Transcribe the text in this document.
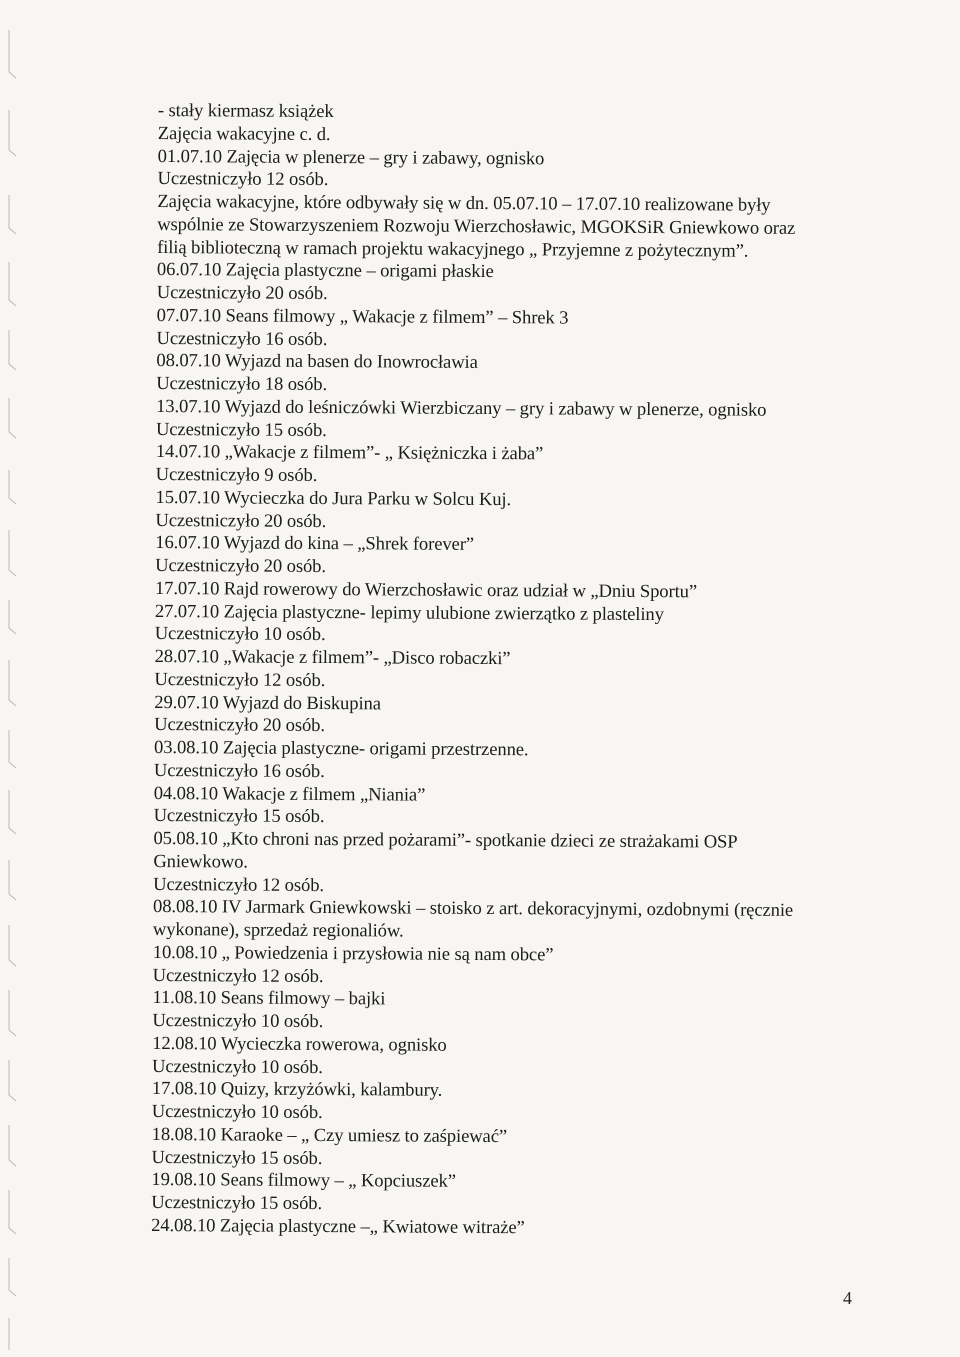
- stały kiermasz książek
Zajęcia wakacyjne c. d.
01.07.10 Zajęcia w plenerze – gry i zabawy, ognisko
Uczestniczyło 12 osób.
Zajęcia wakacyjne, które odbywały się w dn. 05.07.10 – 17.07.10 realizowane były
wspólnie ze Stowarzyszeniem Rozwoju Wierzchosławic, MGOKSiR Gniewkowo oraz
filią biblioteczną w ramach projektu wakacyjnego „ Przyjemne z pożytecznym”.
06.07.10 Zajęcia plastyczne – origami płaskie
Uczestniczyło 20 osób.
07.07.10 Seans filmowy „ Wakacje z filmem” – Shrek 3
Uczestniczyło 16 osób.
08.07.10 Wyjazd na basen do Inowrocławia
Uczestniczyło 18 osób.
13.07.10 Wyjazd do leśniczówki Wierzbiczany – gry i zabawy w plenerze, ognisko
Uczestniczyło 15 osób.
14.07.10 „Wakacje z filmem”- „ Księżniczka i żaba”
Uczestniczyło 9 osób.
15.07.10 Wycieczka do Jura Parku w Solcu Kuj.
Uczestniczyło 20 osób.
16.07.10 Wyjazd do kina – „Shrek forever”
Uczestniczyło 20 osób.
17.07.10 Rajd rowerowy do Wierzchosławic oraz udział w „Dniu Sportu”
27.07.10 Zajęcia plastyczne- lepimy ulubione zwierzątko z plasteliny
Uczestniczyło 10 osób.
28.07.10 „Wakacje z filmem”- „Disco robaczki”
Uczestniczyło 12 osób.
29.07.10 Wyjazd do Biskupina
Uczestniczyło 20 osób.
03.08.10 Zajęcia plastyczne- origami przestrzenne.
Uczestniczyło 16 osób.
04.08.10 Wakacje z filmem „Niania”
Uczestniczyło 15 osób.
05.08.10 „Kto chroni nas przed pożarami”- spotkanie dzieci ze strażakami OSP
Gniewkowo.
Uczestniczyło 12 osób.
08.08.10 IV Jarmark Gniewkowski – stoisko z art. dekoracyjnymi, ozdobnymi (ręcznie
wykonane), sprzedaż regionaliów.
10.08.10 „ Powiedzenia i przysłowia nie są nam obce”
Uczestniczyło 12 osób.
11.08.10 Seans filmowy – bajki
Uczestniczyło 10 osób.
12.08.10 Wycieczka rowerowa, ognisko
Uczestniczyło 10 osób.
17.08.10 Quizy, krzyżówki, kalambury.
Uczestniczyło 10 osób.
18.08.10 Karaoke – „ Czy umiesz to zaśpiewać”
Uczestniczyło 15 osób.
19.08.10 Seans filmowy – „ Kopciuszek”
Uczestniczyło 15 osób.
24.08.10 Zajęcia plastyczne –„ Kwiatowe witraże”
4
